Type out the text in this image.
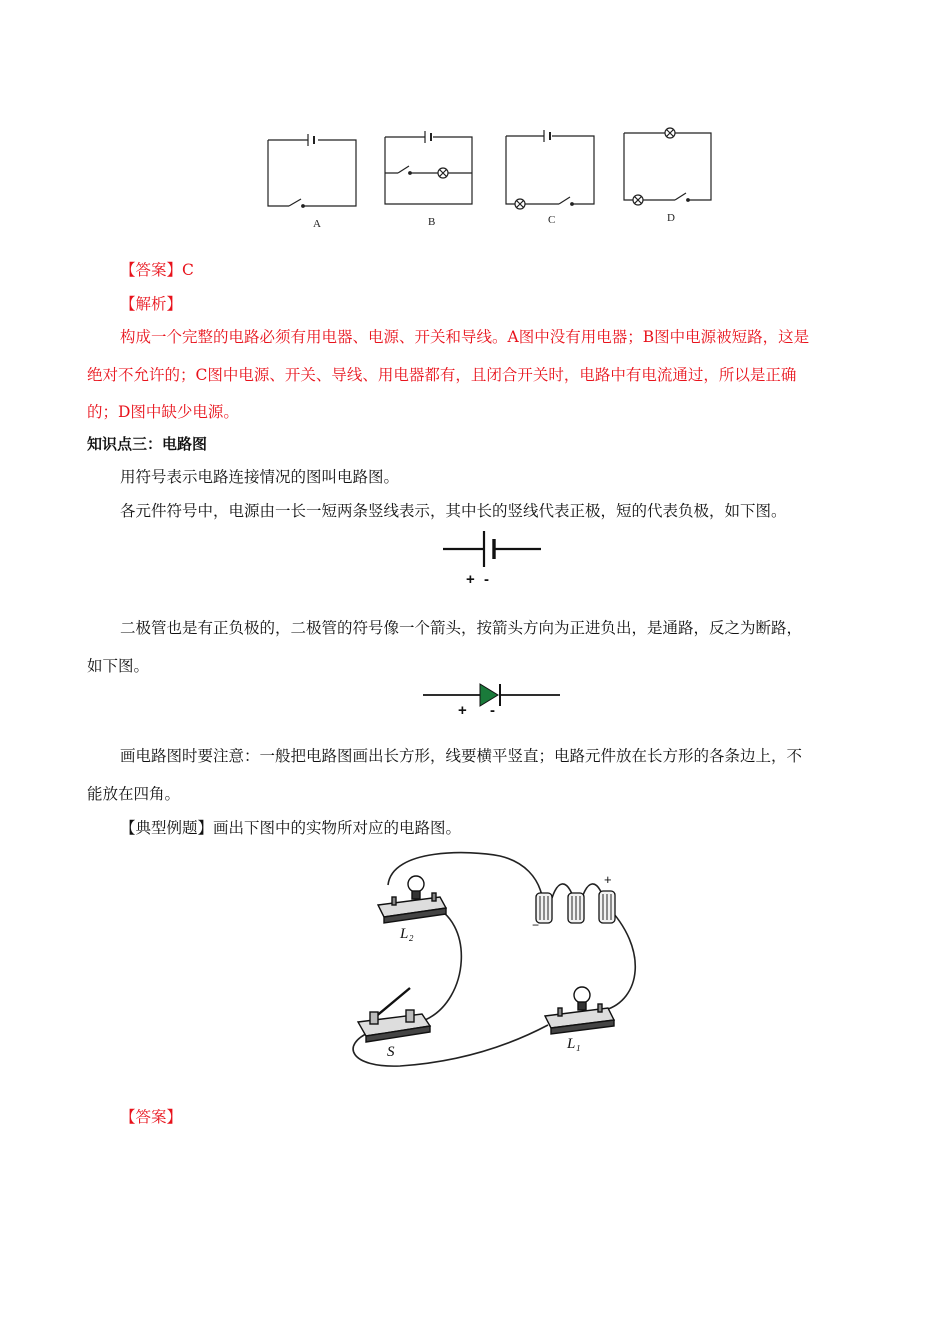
A	B	C	D
【答案】C
【解析】
构成一个完整的电路必须有用电器、电源、开关和导线。A图中没有用电器；B图中电源被短路，这是
绝对不允许的；C图中电源、开关、导线、用电器都有，且闭合开关时，电路中有电流通过，所以是正确
的；D图中缺少电源。
知识点三：电路图
用符号表示电路连接情况的图叫电路图。
各元件符号中，电源由一长一短两条竖线表示，其中长的竖线代表正极，短的代表负极，如下图。
+ -
二极管也是有正负极的，二极管的符号像一个箭头，按箭头方向为正进负出，是通路，反之为断路，
如下图。
+ -
画电路图时要注意：一般把电路图画出长方形，线要横平竖直；电路元件放在长方形的各条边上，不
能放在四角。
【典型例题】画出下图中的实物所对应的电路图。
L₂
S	L₁
+
−
【答案】
